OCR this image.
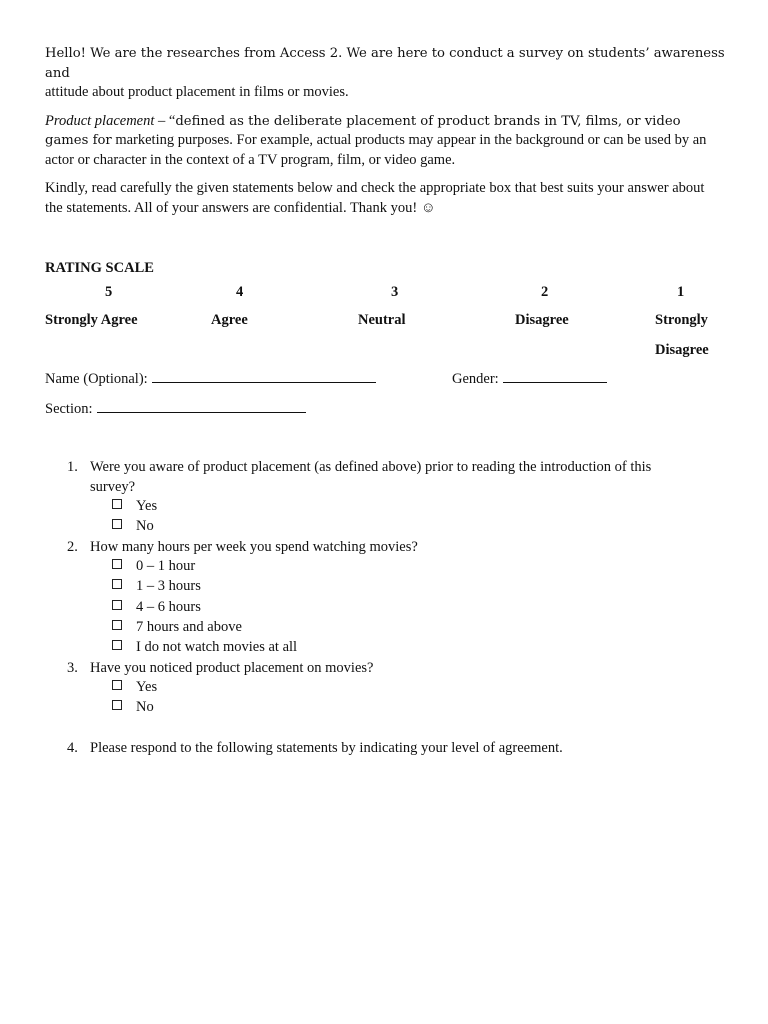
Hello! We are the researches from Access 2. We are here to conduct a survey on students’ awareness and
attitude about product placement in films or movies.

Product placement – “defined as the deliberate placement of product brands in TV, films, or video games for marketing purposes. For example, actual products may appear in the background or can be used by an actor or character in the context of a TV program, film, or video game.

Kindly, read carefully the given statements below and check the appropriate box that best suits your answer about the statements. All of your answers are confidential. Thank you! ☺

RATING SCALE
5	4	3	2	1
Strongly Agree	Agree	Neutral	Disagree	Strongly
Disagree
Name (Optional):	Gender:
Section:
1. Were you aware of product placement (as defined above) prior to reading the introduction of this survey?
Yes
No
2. How many hours per week you spend watching movies?
0 – 1 hour
1 – 3 hours
4 – 6 hours
7 hours and above
I do not watch movies at all
3. Have you noticed product placement on movies?
Yes
No
4. Please respond to the following statements by indicating your level of agreement.
